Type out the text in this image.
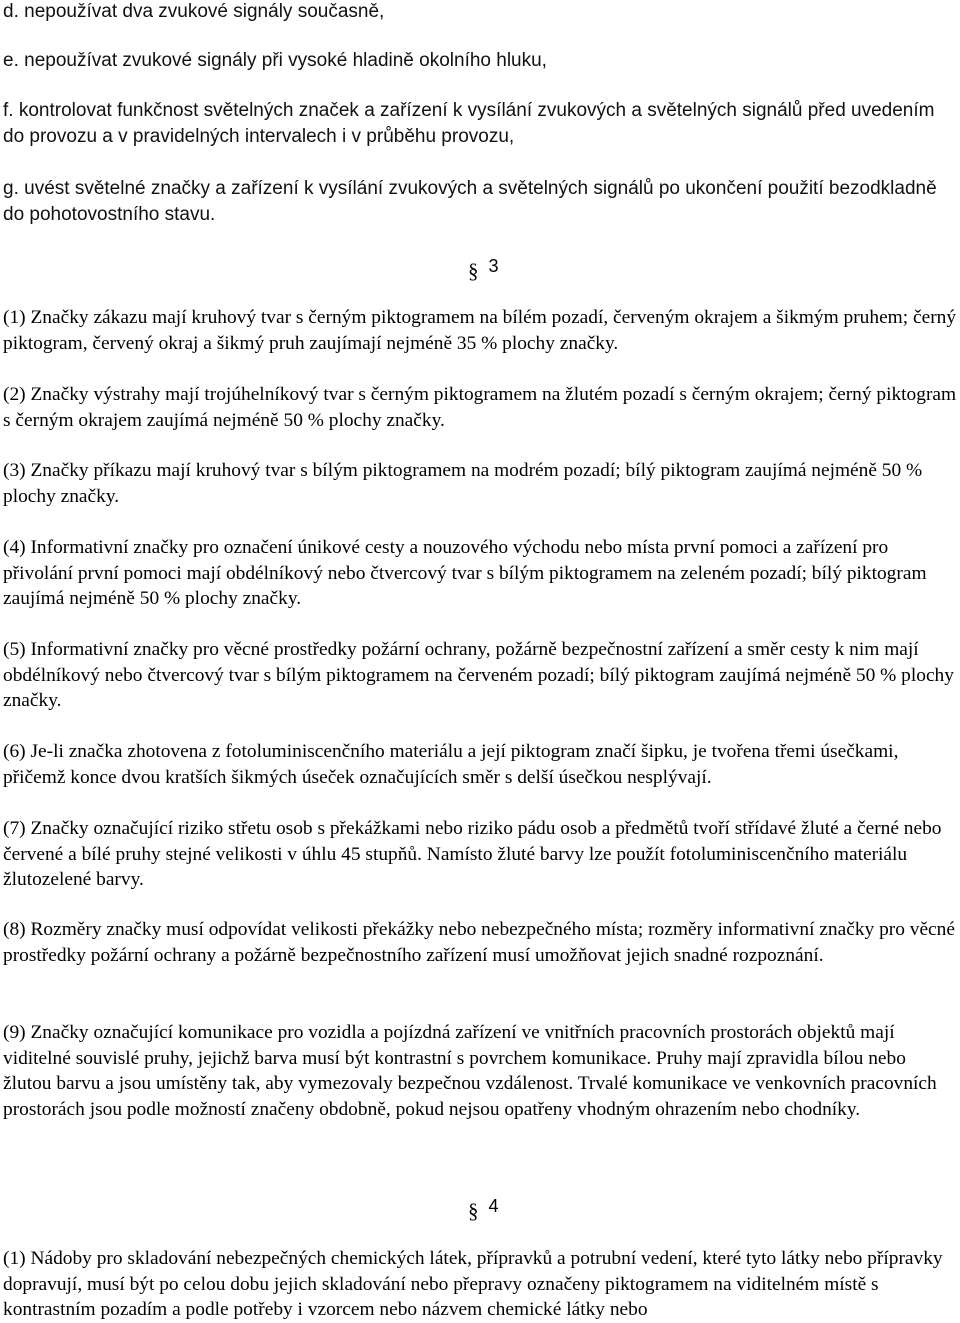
d. nepoužívat dva zvukové signály současně,

e. nepoužívat zvukové signály při vysoké hladině okolního hluku,

f. kontrolovat funkčnost světelných značek a zařízení k vysílání zvukových a světelných signálů před uvedením do provozu a v pravidelných intervalech i v průběhu provozu,

g. uvést světelné značky a zařízení k vysílání zvukových a světelných signálů po ukončení použití bezodkladně do pohotovostního stavu.

§ 3

(1) Značky zákazu mají kruhový tvar s černým piktogramem na bílém pozadí, červeným okrajem a šikmým pruhem; černý piktogram, červený okraj a šikmý pruh zaujímají nejméně 35 % plochy značky.

(2) Značky výstrahy mají trojúhelníkový tvar s černým piktogramem na žlutém pozadí s černým okrajem; černý piktogram s černým okrajem zaujímá nejméně 50 % plochy značky.

(3) Značky příkazu mají kruhový tvar s bílým piktogramem na modrém pozadí; bílý piktogram zaujímá nejméně 50 % plochy značky.

(4) Informativní značky pro označení únikové cesty a nouzového východu nebo místa první pomoci a zařízení pro přivolání první pomoci mají obdélníkový nebo čtvercový tvar s bílým piktogramem na zeleném pozadí; bílý piktogram zaujímá nejméně 50 % plochy značky.

(5) Informativní značky pro věcné prostředky požární ochrany, požárně bezpečnostní zařízení a směr cesty k nim mají obdélníkový nebo čtvercový tvar s bílým piktogramem na červeném pozadí; bílý piktogram zaujímá nejméně 50 % plochy značky.

(6) Je-li značka zhotovena z fotoluminiscenčního materiálu a její piktogram značí šipku, je tvořena třemi úsečkami, přičemž konce dvou kratších šikmých úseček označujících směr s delší úsečkou nesplývají.

(7) Značky označující riziko střetu osob s překážkami nebo riziko pádu osob a předmětů tvoří střídavé žluté a černé nebo červené a bílé pruhy stejné velikosti v úhlu 45 stupňů. Namísto žluté barvy lze použít fotoluminiscenčního materiálu žlutozelené barvy.

(8) Rozměry značky musí odpovídat velikosti překážky nebo nebezpečného místa; rozměry informativní značky pro věcné prostředky požární ochrany a požárně bezpečnostního zařízení musí umožňovat jejich snadné rozpoznání.

(9) Značky označující komunikace pro vozidla a pojízdná zařízení ve vnitřních pracovních prostorách objektů mají viditelné souvislé pruhy, jejichž barva musí být kontrastní s povrchem komunikace. Pruhy mají zpravidla bílou nebo žlutou barvu a jsou umístěny tak, aby vymezovaly bezpečnou vzdálenost. Trvalé komunikace ve venkovních pracovních prostorách jsou podle možností značeny obdobně, pokud nejsou opatřeny vhodným ohrazením nebo chodníky.

§ 4

(1) Nádoby pro skladování nebezpečných chemických látek, přípravků a potrubní vedení, které tyto látky nebo přípravky dopravují, musí být po celou dobu jejich skladování nebo přepravy označeny piktogramem na viditelném místě s kontrastním pozadím a podle potřeby i vzorcem nebo názvem chemické látky nebo
